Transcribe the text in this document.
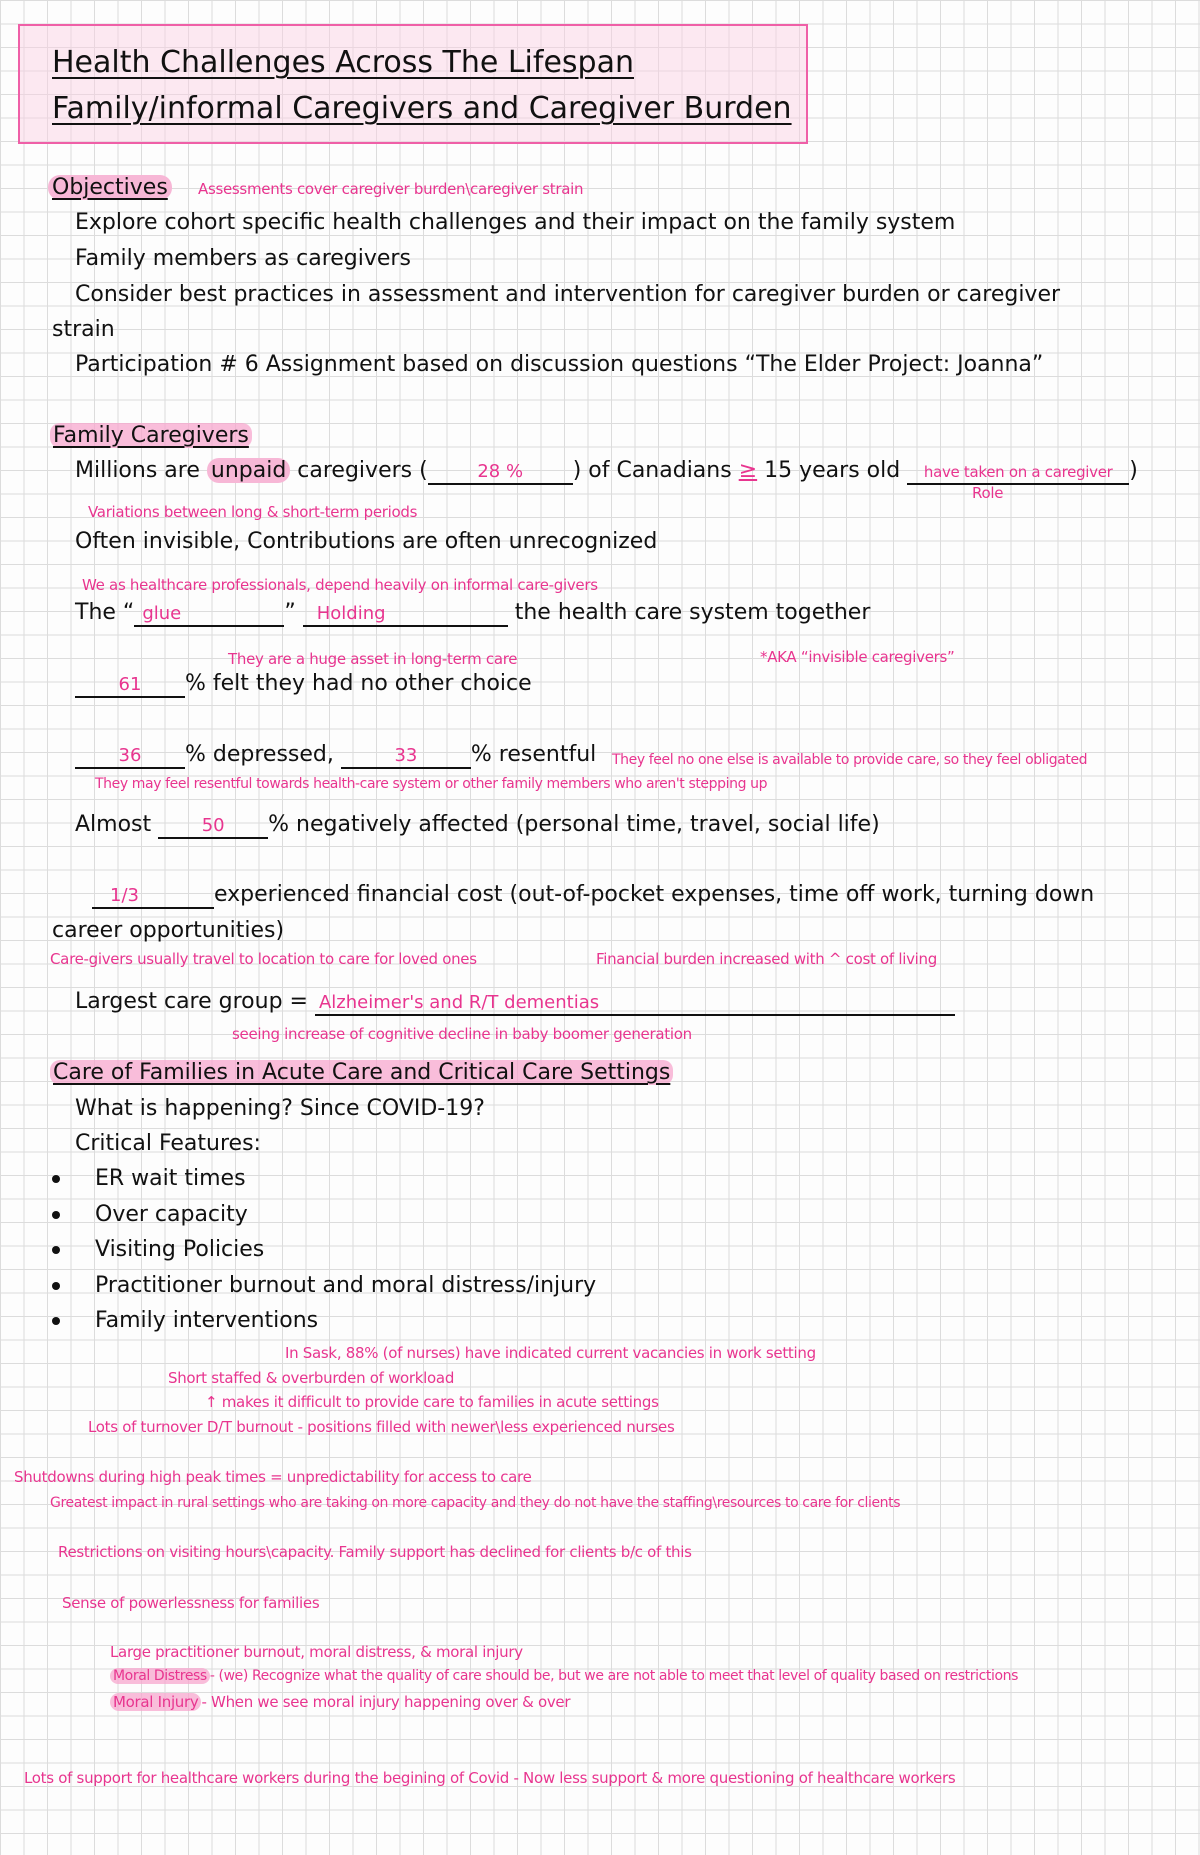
Health Challenges Across The Lifespan
Family/informal Caregivers and Caregiver Burden
Objectives Assessments cover caregiver burden\caregiver strain
Explore cohort specific health challenges and their impact on the family system
Family members as caregivers
Consider best practices in assessment and intervention for caregiver burden or caregiver
strain
Participation # 6 Assignment based on discussion questions “The Elder Project: Joanna”
Family Caregivers
Millions are unpaid caregivers (	28 % ) of Canadians ≥ 15 years old have taken on a caregiver )
Role
Variations between long & short-term periods
Often invisible, Contributions are often unrecognized
We as healthcare professionals, depend heavily on informal care-givers
The “ glue	” Holding	the health care system together
They are a huge asset in long-term care	*AKA “invisible caregivers”
61 % felt they had no other choice
36 % depressed,	33 % resentful They feel no one else is available to provide care, so they feel obligated
They may feel resentful towards health-care system or other family members who aren't stepping up
Almost	50 % negatively affected (personal time, travel, social life)
1/3	experienced financial cost (out-of-pocket expenses, time off work, turning down
career opportunities)
Care-givers usually travel to location to care for loved ones	Financial burden increased with ^ cost of living
Largest care group = Alzheimer's and R/T dementias
seeing increase of cognitive decline in baby boomer generation
Care of Families in Acute Care and Critical Care Settings
What is happening? Since COVID-19?
Critical Features:
ER wait times
Over capacity
Visiting Policies
Practitioner burnout and moral distress/injury
Family interventions
In Sask, 88% (of nurses) have indicated current vacancies in work setting
Short staffed & overburden of workload
↑ makes it difficult to provide care to families in acute settings
Lots of turnover D/T burnout - positions filled with newer\less experienced nurses
Shutdowns during high peak times = unpredictability for access to care
Greatest impact in rural settings who are taking on more capacity and they do not have the staffing\resources to care for clients
Restrictions on visiting hours\capacity. Family support has declined for clients b/c of this
Sense of powerlessness for families
Large practitioner burnout, moral distress, & moral injury
Moral Distress - (we) Recognize what the quality of care should be, but we are not able to meet that level of quality based on restrictions
Moral Injury - When we see moral injury happening over & over
Lots of support for healthcare workers during the begining of Covid - Now less support & more questioning of healthcare workers
